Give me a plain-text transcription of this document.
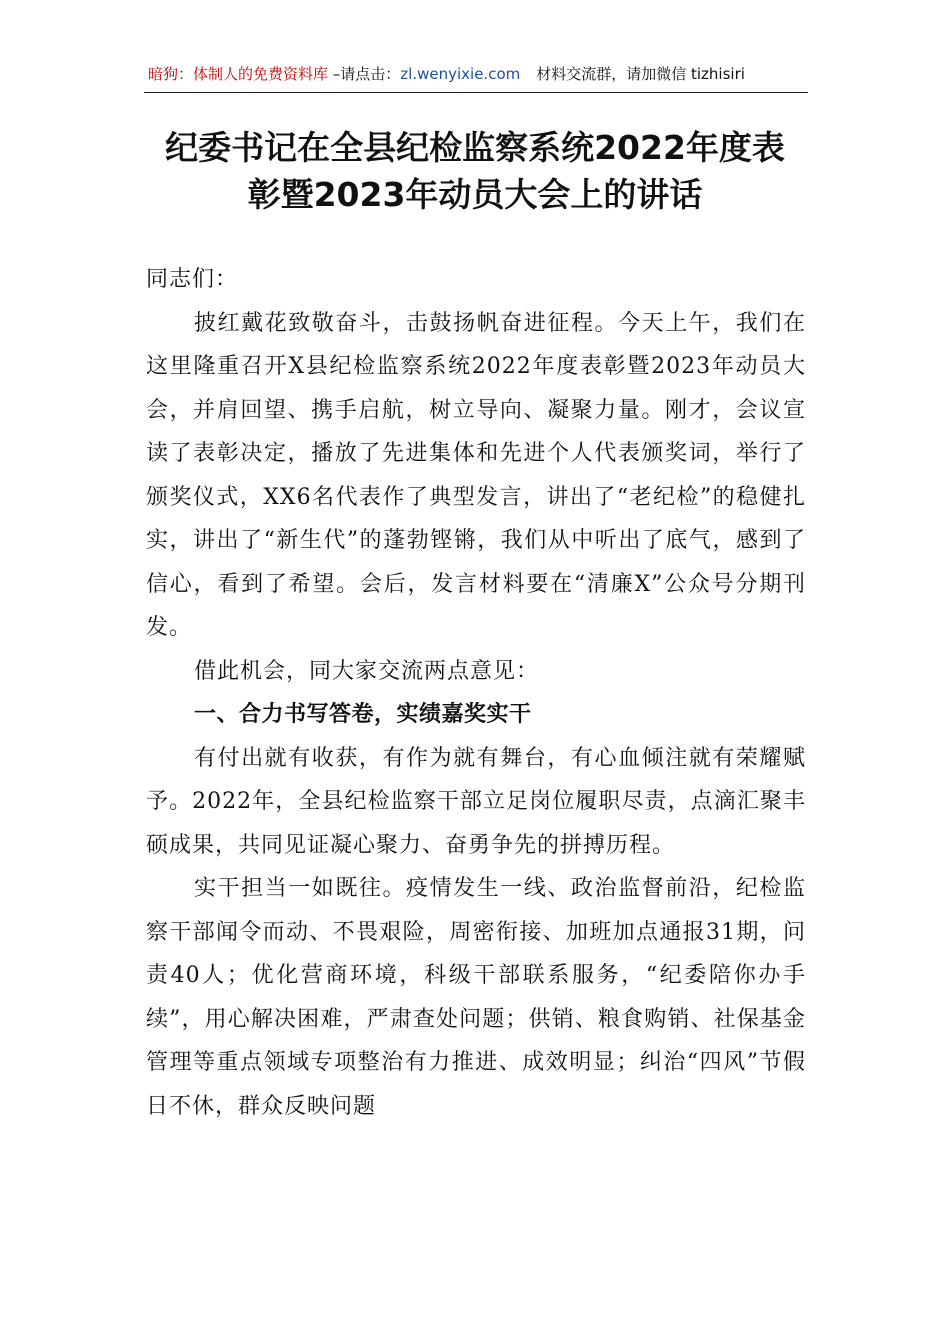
暗狗：体制人的免费资料库 –请点击：zl.wenyixie.com 材料交流群，请加微信 tizhisiri
纪委书记在全县纪检监察系统2022年度表
彰暨2023年动员大会上的讲话

同志们：

披红戴花致敬奋斗，击鼓扬帆奋进征程。今天上午，我们在这里隆重召开X县纪检监察系统2022年度表彰暨2023年动员大会，并肩回望、携手启航，树立导向、凝聚力量。刚才，会议宣读了表彰决定，播放了先进集体和先进个人代表颁奖词，举行了颁奖仪式，XX6名代表作了典型发言，讲出了“老纪检”的稳健扎实，讲出了“新生代”的蓬勃铿锵，我们从中听出了底气，感到了信心，看到了希望。会后，发言材料要在“清廉X”公众号分期刊发。

借此机会，同大家交流两点意见：

一、合力书写答卷，实绩嘉奖实干

有付出就有收获，有作为就有舞台，有心血倾注就有荣耀赋予。2022年，全县纪检监察干部立足岗位履职尽责，点滴汇聚丰硕成果，共同见证凝心聚力、奋勇争先的拼搏历程。

实干担当一如既往。疫情发生一线、政治监督前沿，纪检监察干部闻令而动、不畏艰险，周密衔接、加班加点通报31期，问责40人；优化营商环境，科级干部联系服务，“纪委陪你办手续”，用心解决困难，严肃查处问题；供销、粮食购销、社保基金管理等重点领域专项整治有力推进、成效明显；纠治“四风”节假日不休，群众反映问题
